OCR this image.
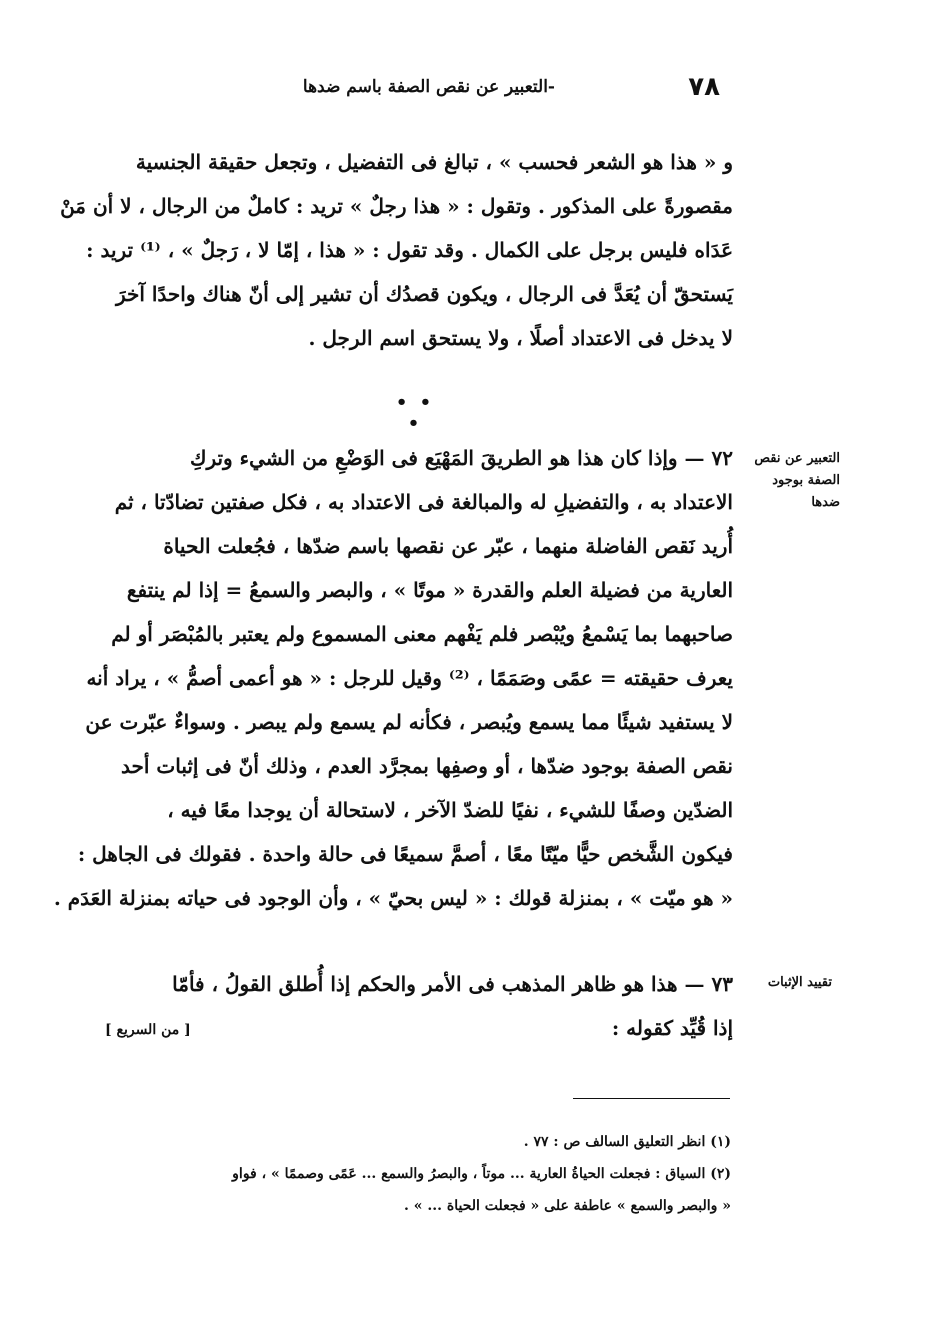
٧٨
-التعبير عن نقص الصفة باسم ضدها
و « هذا هو الشعر فحسب » ، تبالغ فى التفضيل ، وتجعل حقيقة الجنسية
مقصورةً على المذكور . وتقول : « هذا رجلٌ » تريد : كاملٌ من الرجال ، لا أن مَنْ
عَدَاه فليس برجل على الكمال . وقد تقول : « هذا ، إمّا لا ، رَجلٌ » ، ⁽¹⁾ تريد :
يَستحقّ أن يُعَدَّ فى الرجال ، ويكون قصدُك أن تشير إلى أنّ هناك واحدًا آخرَ
لا يدخل فى الاعتداد أصلًا ، ولا يستحق اسم الرجل .
• • •
التعبير عن نقص الصفة بوجود ضدها
٧٢ — وإذا كان هذا هو الطريقَ المَهْيَع فى الوَضْعِ من الشيء وتركِ
الاعتداد به ، والتفضيلِ له والمبالغة فى الاعتداد به ، فكل صفتين تضادّتا ، ثم
أُريد نَقص الفاضلة منهما ، عبّر عن نقصها باسم ضدّها ، فجُعلت الحياة
العارية من فضيلة العلم والقدرة « موتًا » ، والبصر والسمعُ = إذا لم ينتفع
صاحبهما بما يَسْمعُ ويُبْصر فلم يَفْهم معنى المسموع ولم يعتبر بالمُبْصَر أو لم
يعرف حقيقته = عمًى وصَمَمًا ، ⁽²⁾ وقيل للرجل : « هو أعمى أصمُّ » ، يراد أنه
لا يستفيد شيئًا مما يسمع ويُبصر ، فكأنه لم يسمع ولم يبصر . وسواءٌ عبّرت عن
نقص الصفة بوجود ضدّها ، أو وصفِها بمجرَّد العدم ، وذلك أنّ فى إثبات أحد
الضدّين وصفًا للشيء ، نفيًا للضدّ الآخر ، لاستحالة أن يوجدا معًا فيه ،
فيكون الشَّخص حيًّا ميّتًا معًا ، أصمَّ سميعًا فى حالة واحدة . فقولك فى الجاهل :
« هو ميّت » ، بمنزلة قولك : « ليس بحيّ » ، وأن الوجود فى حياته بمنزلة العَدَم .
تقييد الإثبات
٧٣ — هذا هو ظاهر المذهب فى الأمر والحكم إذا أُطلق القولُ ، فأمّا
إذا قُيِّد كقوله :
[ من السريع ]
(١) انظر التعليق السالف ص : ٧٧ .
(٢) السياق : فجعلت الحياةُ العارية ... موتاً ، والبصرُ والسمع ... عَمًى وصممًا » ، فواو
« والبصر والسمع » عاطفة على « فجعلت الحياة ... » .
